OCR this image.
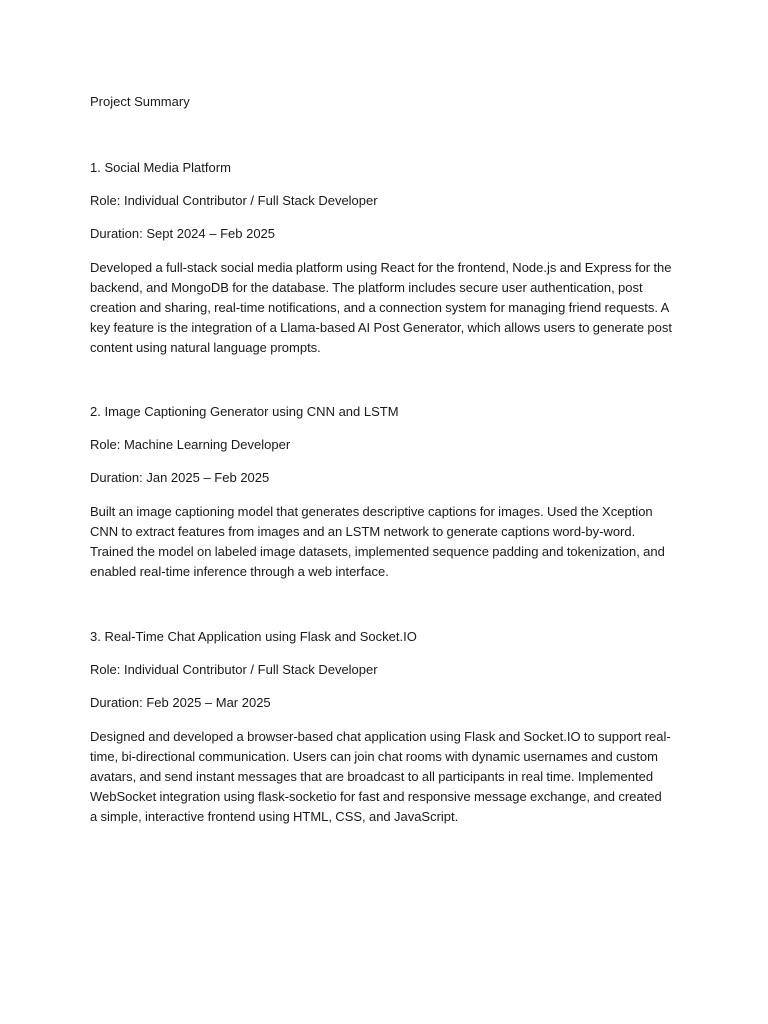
Project Summary

1. Social Media Platform

Role: Individual Contributor / Full Stack Developer

Duration: Sept 2024 – Feb 2025

Developed a full-stack social media platform using React for the frontend, Node.js and Express for the backend, and MongoDB for the database. The platform includes secure user authentication, post creation and sharing, real-time notifications, and a connection system for managing friend requests. A key feature is the integration of a Llama-based AI Post Generator, which allows users to generate post content using natural language prompts.

2. Image Captioning Generator using CNN and LSTM

Role: Machine Learning Developer

Duration: Jan 2025 – Feb 2025

Built an image captioning model that generates descriptive captions for images. Used the Xception CNN to extract features from images and an LSTM network to generate captions word-by-word. Trained the model on labeled image datasets, implemented sequence padding and tokenization, and enabled real-time inference through a web interface.

3. Real-Time Chat Application using Flask and Socket.IO

Role: Individual Contributor / Full Stack Developer

Duration: Feb 2025 – Mar 2025

Designed and developed a browser-based chat application using Flask and Socket.IO to support real-time, bi-directional communication. Users can join chat rooms with dynamic usernames and custom avatars, and send instant messages that are broadcast to all participants in real time. Implemented WebSocket integration using flask-socketio for fast and responsive message exchange, and created a simple, interactive frontend using HTML, CSS, and JavaScript.
